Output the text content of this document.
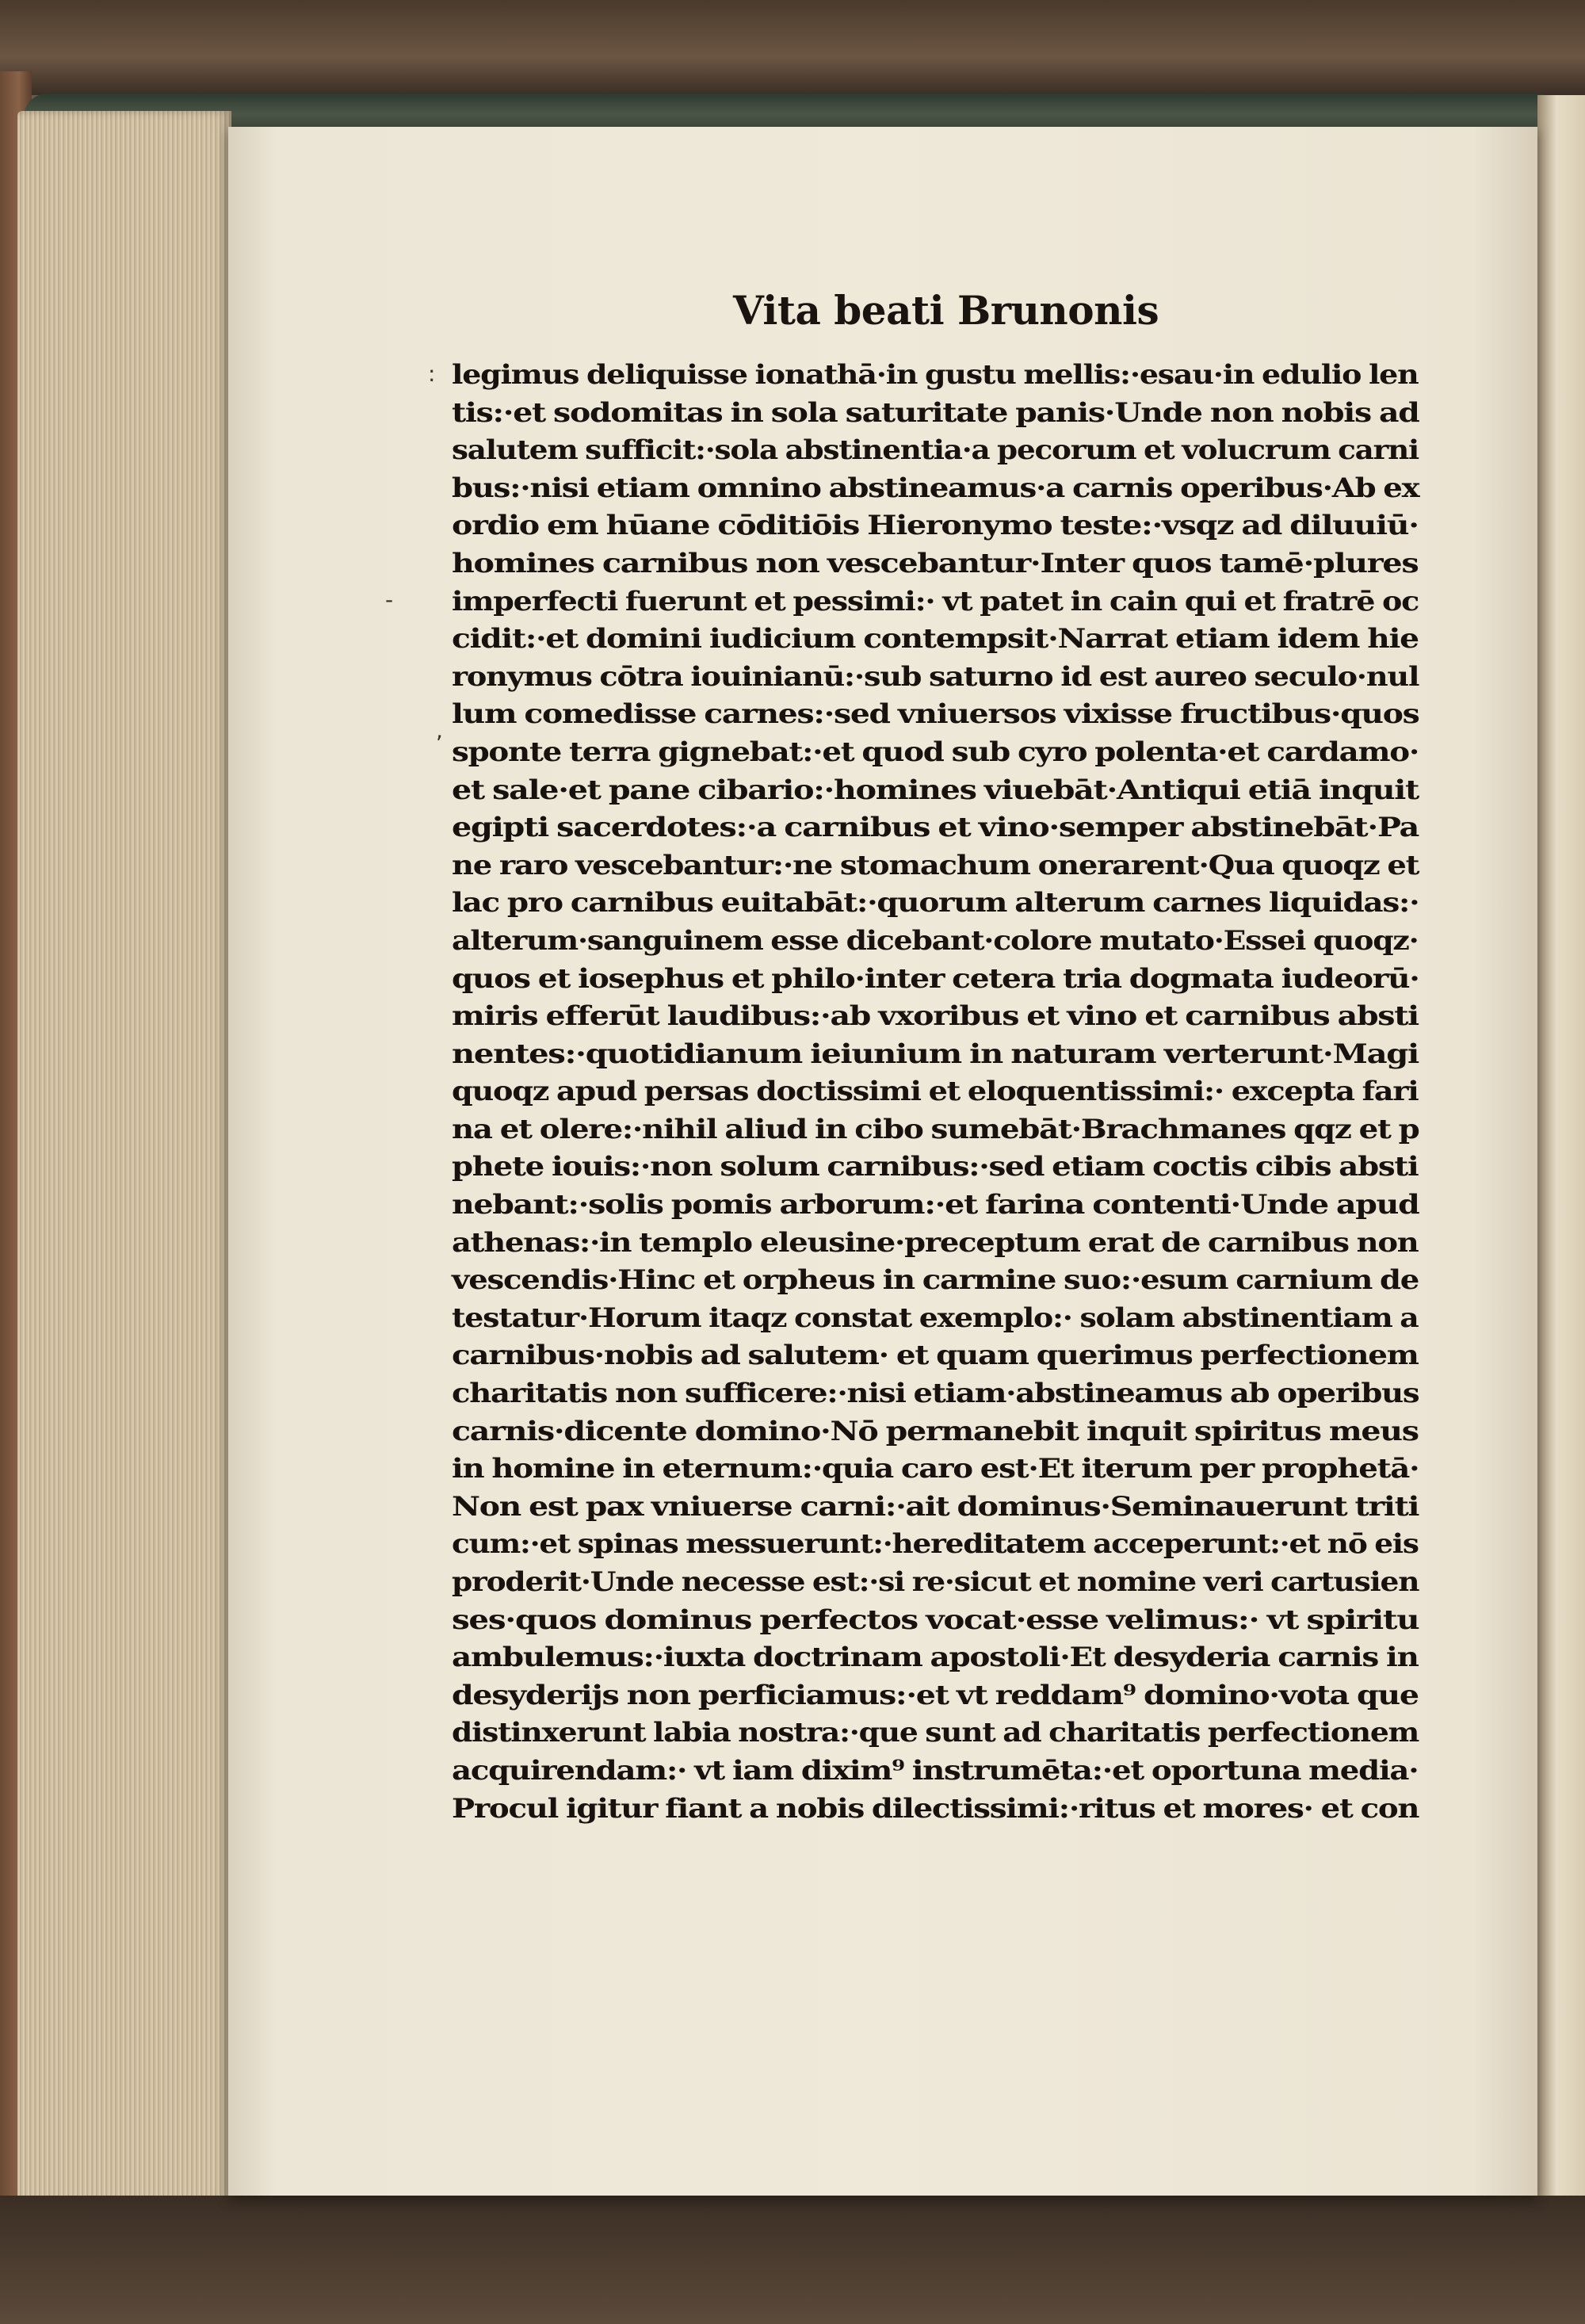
Vita beati Brunonis
:
-
,
legimus deliquisse ionathā·in gustu mellis:·esau·in edulio len
tis:·et sodomitas in sola saturitate panis·Unde non nobis ad
salutem sufficit:·sola abstinentia·a pecorum et volucrum carni
bus:·nisi etiam omnino abstineamus·a carnis operibus·Ab ex
ordio em hūane cōditiōis Hieronymo teste:·vsqz ad diluuiū·
homines carnibus non vescebantur·Inter quos tamē·plures
imperfecti fuerunt et pessimi:· vt patet in cain qui et fratrē oc
cidit:·et domini iudicium contempsit·Narrat etiam idem hie
ronymus cōtra iouinianū:·sub saturno id est aureo seculo·nul
lum comedisse carnes:·sed vniuersos vixisse fructibus·quos
sponte terra gignebat:·et quod sub cyro polenta·et cardamo·
et sale·et pane cibario:·homines viuebāt·Antiqui etiā inquit
egipti sacerdotes:·a carnibus et vino·semper abstinebāt·Pa
ne raro vescebantur:·ne stomachum onerarent·Qua quoqz et
lac pro carnibus euitabāt:·quorum alterum carnes liquidas:·
alterum·sanguinem esse dicebant·colore mutato·Essei quoqz·
quos et iosephus et philo·inter cetera tria dogmata iudeorū·
miris efferūt laudibus:·ab vxoribus et vino et carnibus absti
nentes:·quotidianum ieiunium in naturam verterunt·Magi
quoqz apud persas doctissimi et eloquentissimi:· excepta fari
na et olere:·nihil aliud in cibo sumebāt·Brachmanes qqz et p
phete iouis:·non solum carnibus:·sed etiam coctis cibis absti
nebant:·solis pomis arborum:·et farina contenti·Unde apud
athenas:·in templo eleusine·preceptum erat de carnibus non
vescendis·Hinc et orpheus in carmine suo:·esum carnium de
testatur·Horum itaqz constat exemplo:· solam abstinentiam a
carnibus·nobis ad salutem· et quam querimus perfectionem
charitatis non sufficere:·nisi etiam·abstineamus ab operibus
carnis·dicente domino·Nō permanebit inquit spiritus meus
in homine in eternum:·quia caro est·Et iterum per prophetā·
Non est pax vniuerse carni:·ait dominus·Seminauerunt triti
cum:·et spinas messuerunt:·hereditatem acceperunt:·et nō eis
proderit·Unde necesse est:·si re·sicut et nomine veri cartusien
ses·quos dominus perfectos vocat·esse velimus:· vt spiritu
ambulemus:·iuxta doctrinam apostoli·Et desyderia carnis in
desyderijs non perficiamus:·et vt reddam⁹ domino·vota que
distinxerunt labia nostra:·que sunt ad charitatis perfectionem
acquirendam:· vt iam dixim⁹ instrumēta:·et oportuna media·
Procul igitur fiant a nobis dilectissimi:·ritus et mores· et con
